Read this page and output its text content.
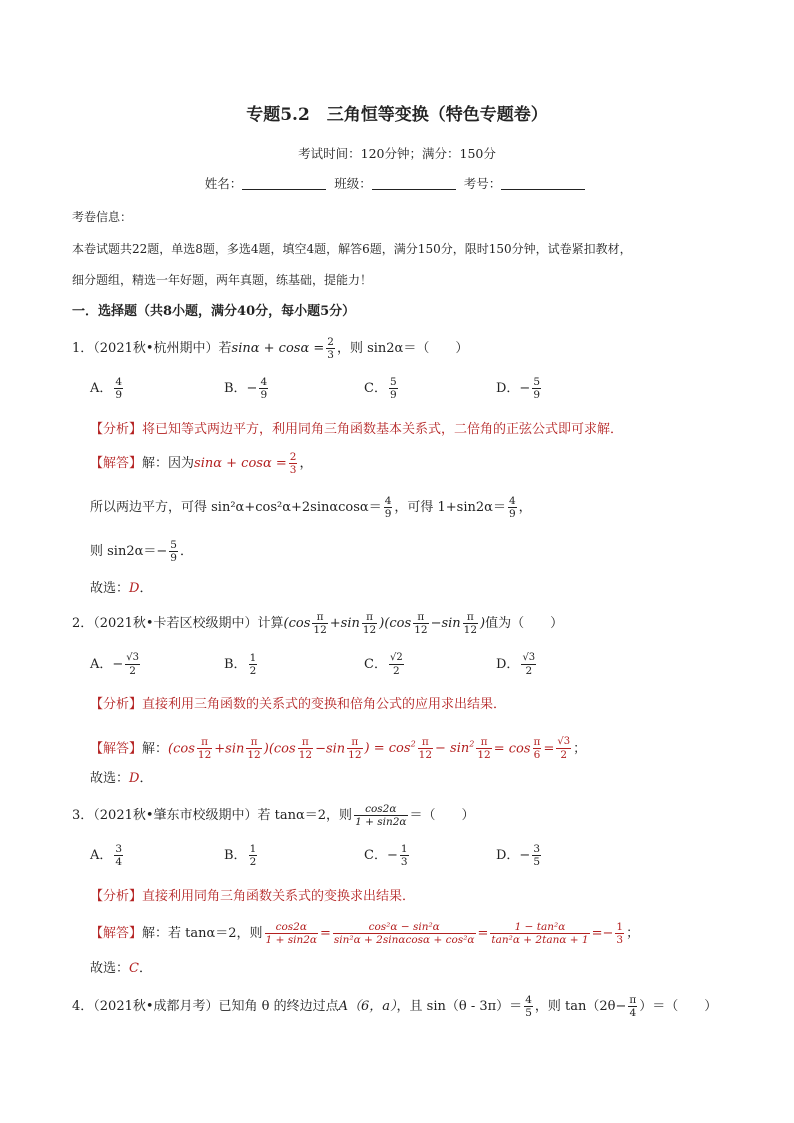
专题5.2　三角恒等变换（特色专题卷）
考试时间：120分钟；满分：150分
姓名：	班级：	考号：
考卷信息：
本卷试题共22题，单选8题，多选4题，填空4题，解答6题，满分150分，限时150分钟，试卷紧扣教材，
细分题组，精选一年好题，两年真题，练基础，提能力！
一．选择题（共8小题，满分40分，每小题5分）
1．（2021秋•杭州期中）若$\sin\alpha + \cos\alpha = \frac{2}{3}$ ，则 sin2α＝（　　）
A． $\frac{4}{9}$	B．− $\frac{4}{9}$	C． $\frac{5}{9}$	D．− $\frac{5}{9}$
【分析】将已知等式两边平方，利用同角三角函数基本关系式，二倍角的正弦公式即可求解．
【解答】解：因为$\sin\alpha + \cos\alpha = \frac{2}{3}$ ，
所以两边平方，可得 $\sin^2\alpha+\cos^2\alpha+2\sin\alpha\cos\alpha= \frac{4}{9}$ ，可得 $1+\sin 2\alpha= \frac{4}{9}$ ，
则 $\sin 2\alpha=- \frac{5}{9}$ ．
故选：D．
2．（2021秋•卡若区校级期中）计算$(\cos \frac{\pi}{12} +\sin \frac{\pi}{12} )(\cos \frac{\pi}{12} -\sin \frac{\pi}{12}$ )值为（　　）
A．− $\frac{√3}{2}$	B． $\frac{1}{2}$	C． $\frac{√2}{2}$	D． $\frac{√3}{2}$
【分析】直接利用三角函数的关系式的变换和倍角公式的应用求出结果．
【解答】解：$(\cos \frac{\pi}{12} +\sin \frac{\pi}{12} )(\cos \frac{\pi}{12} -\sin \frac{\pi}{12}$ ) = $\cos^2 \frac{\pi}{12} - \sin^2 \frac{\pi}{12} = \cos \frac{\pi}{6} = \frac{√3}{2}$ ；
故选：D．
3．（2021秋•肇东市校级期中）若 tanα＝2，则 $\frac{\cos 2\alpha}{1 + \sin 2\alpha}$ ＝（　　）
A． $\frac{3}{4}$	B． $\frac{1}{2}$	C．− $\frac{1}{3}$	D．− $\frac{3}{5}$
【分析】直接利用同角三角函数关系式的变换求出结果．
【解答】解：若 tanα＝2，则 $\frac{\cos 2\alpha}{1 + \sin 2\alpha} = \frac{\text{cos²α − sin²α}}{\text{sin²α + 2sinαcosα + cos²α}} = \frac{\text{1 − tan²α}}{\text{tan²α + 2tanα + 1}} =- \frac{1}{3}$ ；
故选：C．
4．（2021秋•成都月考）已知角 θ 的终边过点A（6，a），且 $\sin(\theta - 3\pi)= \frac{4}{5}$ ，则 $\tan(2\theta- \frac{\pi}{4}$ ）＝（　　）
